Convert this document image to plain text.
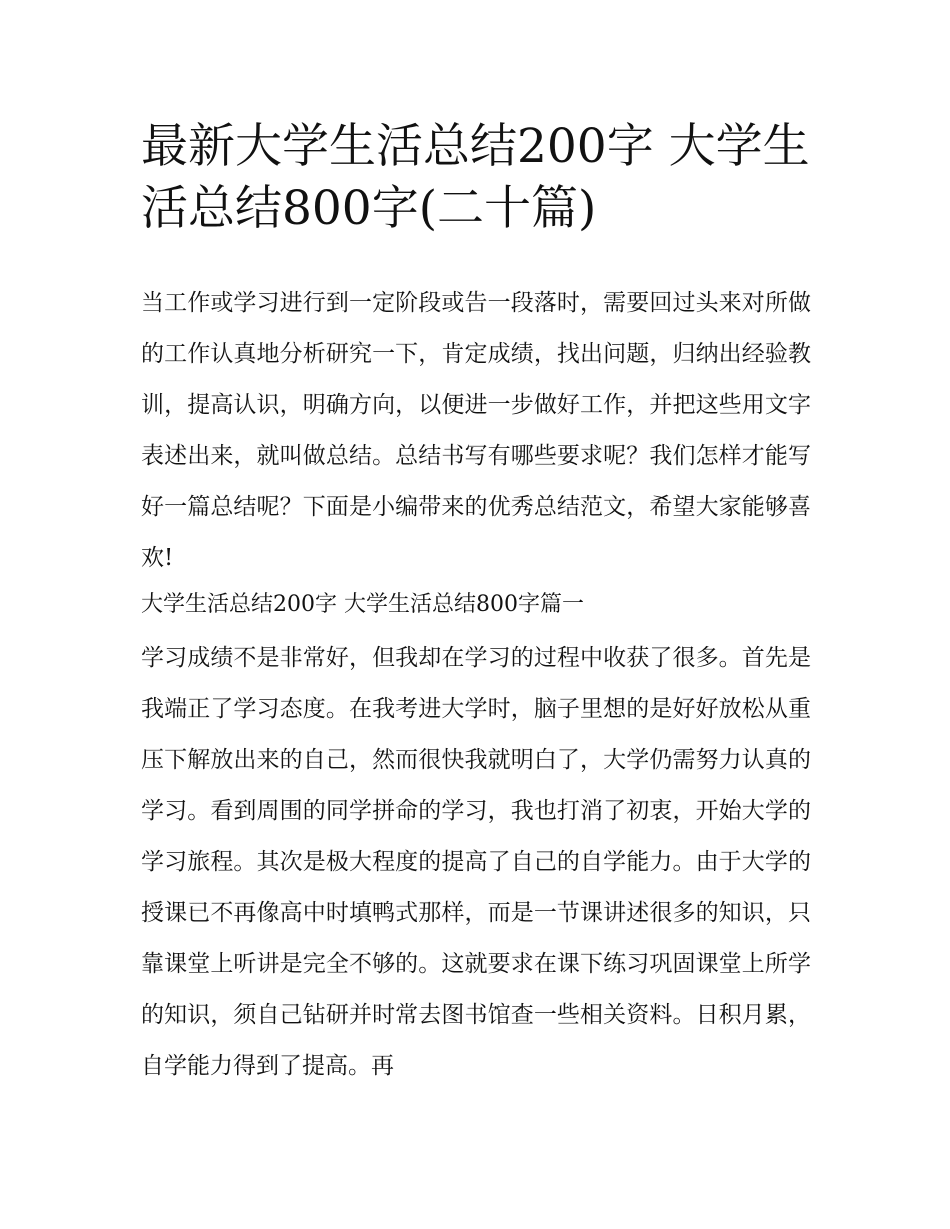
最新大学生活总结200字 大学生活总结800字(二十篇)

当工作或学习进行到一定阶段或告一段落时，需要回过头来对所做的工作认真地分析研究一下，肯定成绩，找出问题，归纳出经验教训，提高认识，明确方向，以便进一步做好工作，并把这些用文字表述出来，就叫做总结。总结书写有哪些要求呢？我们怎样才能写好一篇总结呢？下面是小编带来的优秀总结范文，希望大家能够喜欢!

大学生活总结200字 大学生活总结800字篇一

学习成绩不是非常好，但我却在学习的过程中收获了很多。首先是我端正了学习态度。在我考进大学时，脑子里想的是好好放松从重压下解放出来的自己，然而很快我就明白了，大学仍需努力认真的学习。看到周围的同学拼命的学习，我也打消了初衷，开始大学的学习旅程。其次是极大程度的提高了自己的自学能力。由于大学的授课已不再像高中时填鸭式那样，而是一节课讲述很多的知识，只靠课堂上听讲是完全不够的。这就要求在课下练习巩固课堂上所学的知识，须自己钻研并时常去图书馆查一些相关资料。日积月累，自学能力得到了提高。再
